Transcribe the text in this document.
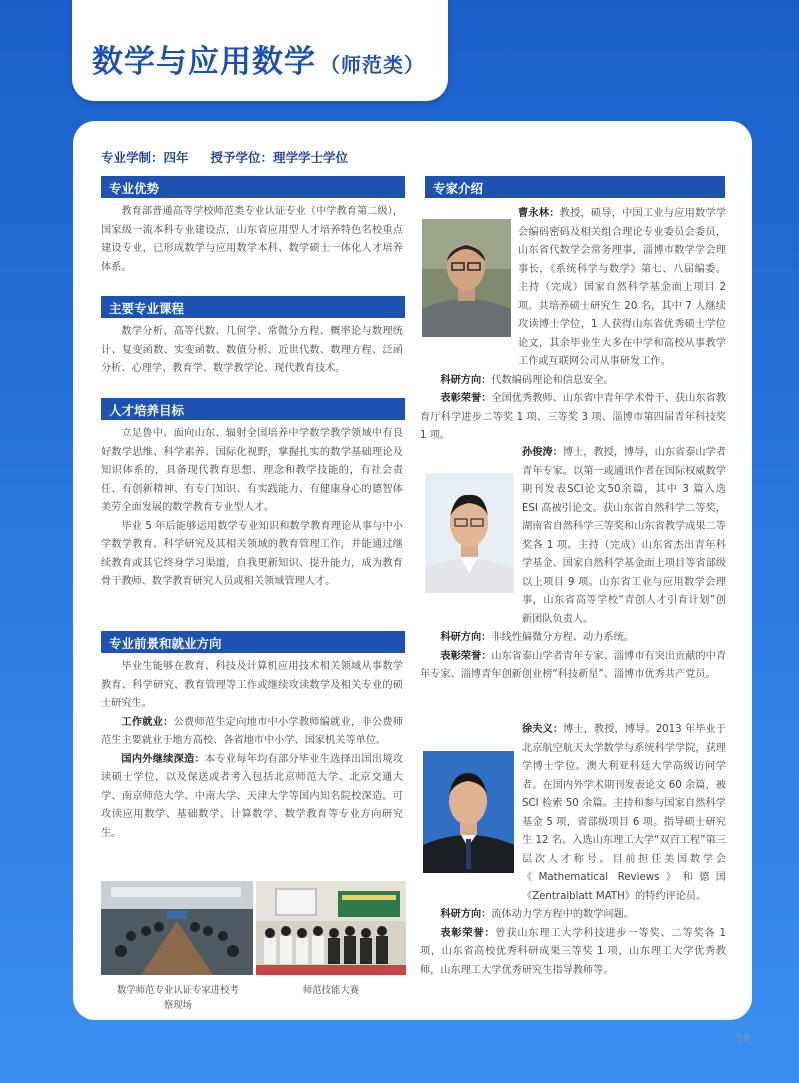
数学与应用数学 （师范类）
专业学制：四年 授予学位：理学学士学位
专业优势

教育部普通高等学校师范类专业认证专业（中学教育第二级），国家级一流本科专业建设点，山东省应用型人才培养特色名校重点建设专业，已形成数学与应用数学本科、数学硕士一体化人才培养体系。

主要专业课程

数学分析、高等代数、几何学、常微分方程、概率论与数理统计、复变函数、实变函数、数值分析、近世代数、数理方程、泛函分析、心理学、教育学、数学教学论、现代教育技术。

人才培养目标

立足鲁中、面向山东、辐射全国培养中学数学教学领域中有良好数学思维、科学素养、国际化视野，掌握扎实的数学基础理论及知识体系的，具备现代教育思想、理念和教学技能的，有社会责任、有创新精神、有专门知识、有实践能力、有健康身心的德智体美劳全面发展的数学教育专业型人才。

毕业 5 年后能够运用数学专业知识和数学教育理论从事与中小学数学教育、科学研究及其相关领域的教育管理工作，并能通过继续教育或其它终身学习渠道，自我更新知识、提升能力，成为教育骨干教师、数学教育研究人员或相关领域管理人才。

专业前景和就业方向

毕业生能够在教育、科技及计算机应用技术相关领域从事数学教育、科学研究、教育管理等工作或继续攻读数学及相关专业的硕士研究生。

工作就业：公费师范生定向地市中小学教师编就业，非公费师范生主要就业于地方高校、各省地市中小学、国家机关等单位。

国内外继续深造：本专业每年均有部分毕业生选择出国出境攻读硕士学位，以及保送或者考入包括北京师范大学、北京交通大学、南京师范大学、中南大学、天津大学等国内知名院校深造。可攻读应用数学、基础数学、计算数学、数学教育等专业方向研究生。

数学师范专业认证专家进校考察现场
师范技能大赛
专家介绍

曹永林：教授，硕导，中国工业与应用数学学会编码密码及相关组合理论专业委员会委员，山东省代数学会常务理事，淄博市数学学会理事长，《系统科学与数学》第七、八届编委。主持（完成）国家自然科学基金面上项目 2 项。共培养硕士研究生 20 名，其中 7 人继续攻读博士学位，1 人获得山东省优秀硕士学位论文，其余毕业生大多在中学和高校从事教学工作或互联网公司从事研发工作。

科研方向：代数编码理论和信息安全。

表彰荣誉：全国优秀教师、山东省中青年学术骨干、获山东省教育厅科学进步二等奖 1 项、三等奖 3 项、淄博市第四届青年科技奖 1 项。

孙俊涛：博士，教授，博导，山东省泰山学者青年专家。以第一或通讯作者在国际权威数学期刊发表SCI论文50余篇，其中 3 篇入选 ESI 高被引论文。获山东省自然科学二等奖，湖南省自然科学三等奖和山东省教学成果二等奖各 1 项。主持（完成）山东省杰出青年科学基金、国家自然科学基金面上项目等省部级以上项目 9 项。山东省工业与应用数学会理事，山东省高等学校“青创人才引育计划”创新团队负责人。

科研方向：非线性偏微分方程、动力系统。

表彰荣誉：山东省泰山学者青年专家、淄博市有突出贡献的中青年专家、淄博青年创新创业榜“科技新星”、淄博市优秀共产党员。

徐夫义：博士，教授，博导。2013 年毕业于北京航空航天大学数学与系统科学学院，获理学博士学位。澳大利亚科廷大学高级访问学者。在国内外学术期刊发表论文 60 余篇，被 SCI 检索 50 余篇。主持和参与国家自然科学基金 5 项，省部级项目 6 项。指导硕士研究生 12 名。入选山东理工大学“双百工程”第三层次人才称号。目前担任美国数学会《Mathematical Reviews》和德国《Zentralblatt MATH》的特约评论员。

科研方向：流体动力学方程中的数学问题。

表彰荣誉：曾获山东理工大学科技进步一等奖、二等奖各 1 项，山东省高校优秀科研成果三等奖 1 项，山东理工大学优秀教师，山东理工大学优秀研究生指导教师等。

59
